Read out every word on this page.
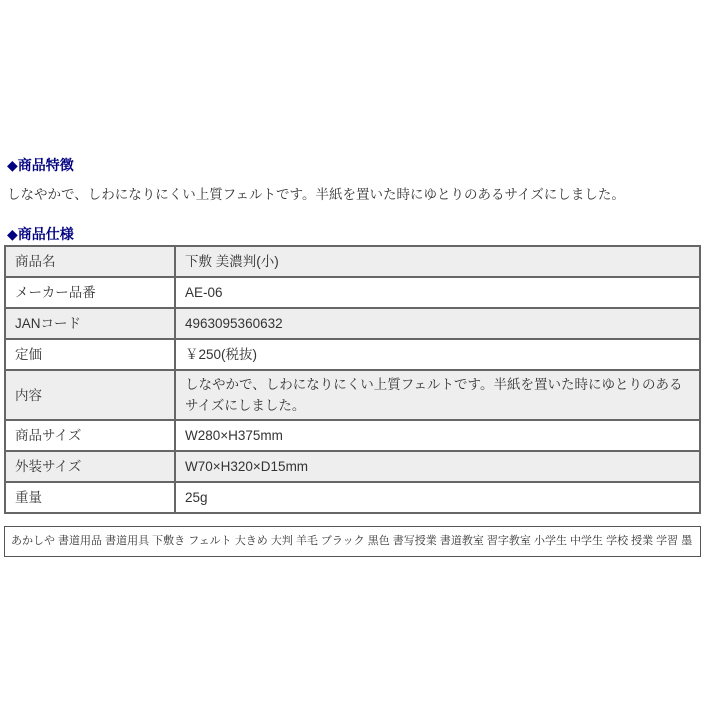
◆商品特徴
しなやかで、しわになりにくい上質フェルトです。半紙を置いた時にゆとりのあるサイズにしました。
◆商品仕様
商品名	下敷 美濃判(小)
メーカー品番	AE-06
JANコード	4963095360632
定価	￥250(税抜)
内容	しなやかで、しわになりにくい上質フェルトです。半紙を置いた時にゆとりのあるサイズにしました。
商品サイズ	W280×H375mm
外装サイズ	W70×H320×D15mm
重量	25g
あかしや 書道用品 書道用具 下敷き フェルト 大きめ 大判 羊毛 ブラック 黒色 書写授業 書道教室 習字教室 小学生 中学生 学校 授業 学習 墨
